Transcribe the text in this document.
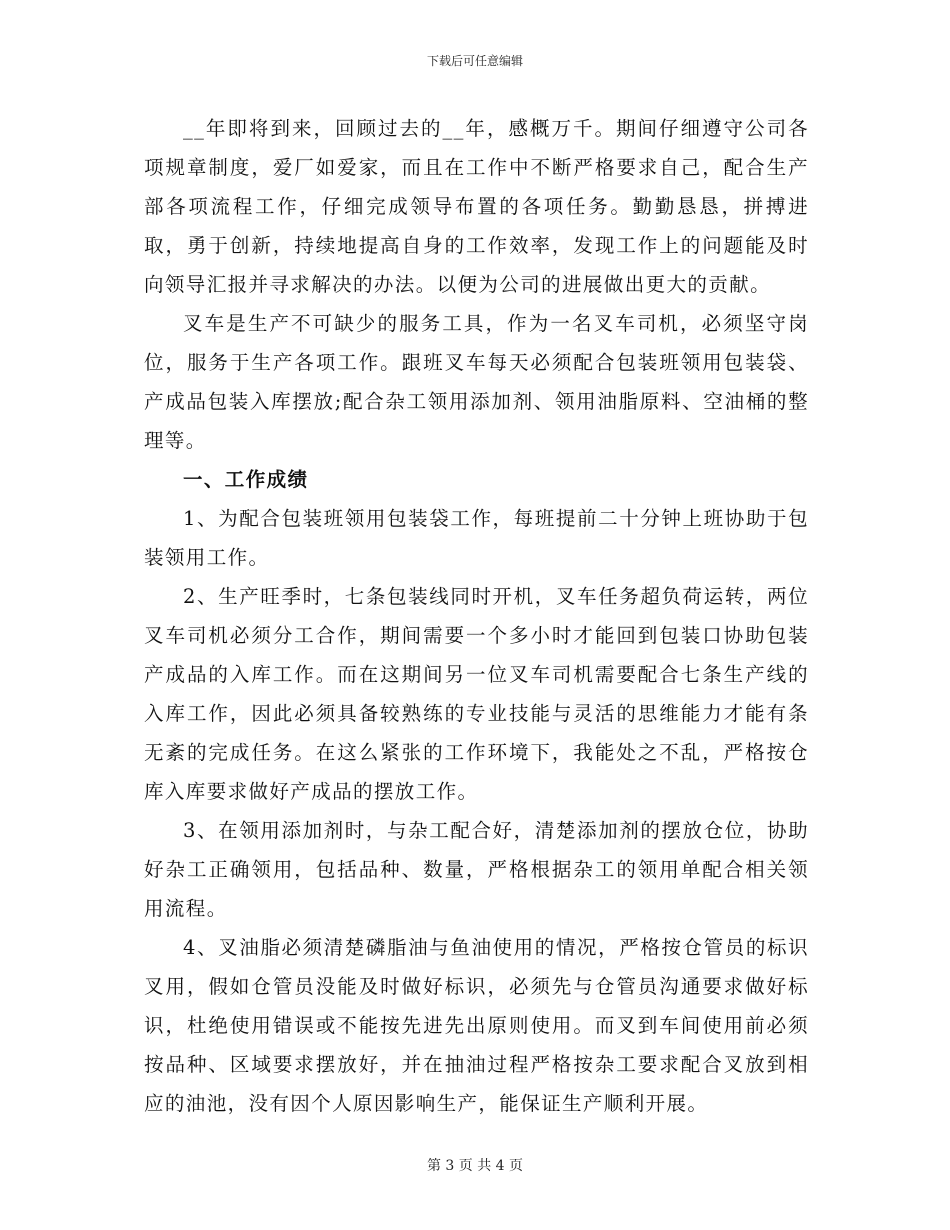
下载后可任意编辑

__年即将到来，回顾过去的__年，感概万千。期间仔细遵守公司各项规章制度，爱厂如爱家，而且在工作中不断严格要求自己，配合生产部各项流程工作，仔细完成领导布置的各项任务。勤勤恳恳，拼搏进取，勇于创新，持续地提高自身的工作效率，发现工作上的问题能及时向领导汇报并寻求解决的办法。以便为公司的进展做出更大的贡献。

叉车是生产不可缺少的服务工具，作为一名叉车司机，必须坚守岗位，服务于生产各项工作。跟班叉车每天必须配合包装班领用包装袋、产成品包装入库摆放;配合杂工领用添加剂、领用油脂原料、空油桶的整理等。

一、工作成绩

1、为配合包装班领用包装袋工作，每班提前二十分钟上班协助于包装领用工作。

2、生产旺季时，七条包装线同时开机，叉车任务超负荷运转，两位叉车司机必须分工合作，期间需要一个多小时才能回到包装口协助包装产成品的入库工作。而在这期间另一位叉车司机需要配合七条生产线的入库工作，因此必须具备较熟练的专业技能与灵活的思维能力才能有条无紊的完成任务。在这么紧张的工作环境下，我能处之不乱，严格按仓库入库要求做好产成品的摆放工作。

3、在领用添加剂时，与杂工配合好，清楚添加剂的摆放仓位，协助好杂工正确领用，包括品种、数量，严格根据杂工的领用单配合相关领用流程。

4、叉油脂必须清楚磷脂油与鱼油使用的情况，严格按仓管员的标识叉用，假如仓管员没能及时做好标识，必须先与仓管员沟通要求做好标识，杜绝使用错误或不能按先进先出原则使用。而叉到车间使用前必须按品种、区域要求摆放好，并在抽油过程严格按杂工要求配合叉放到相应的油池，没有因个人原因影响生产，能保证生产顺利开展。

第 3 页 共 4 页
